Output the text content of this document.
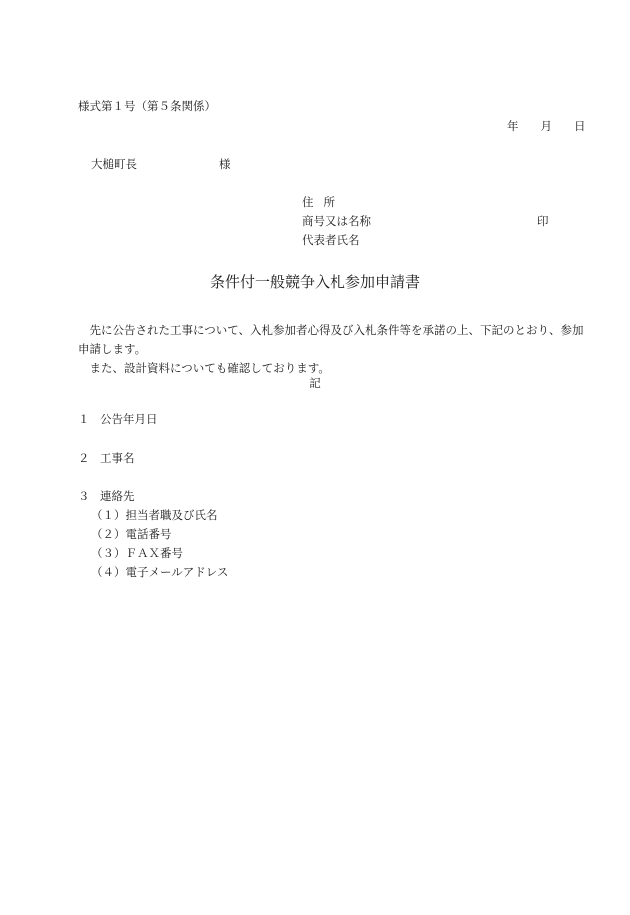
様式第１号（第５条関係）
年 月 日
大槌町長	様
住所
商号又は名称
代表者氏名
印
条件付一般競争入札参加申請書

　先に公告された工事について、入札参加者心得及び入札条件等を承諾の上、下記のとおり、参加申請します。

　また、設計資料についても確認しております。

記
１ 公告年月日
２ 工事名
３ 連絡先
（１）担当者職及び氏名
（２）電話番号
（３）ＦＡＸ番号
（４）電子メールアドレス
